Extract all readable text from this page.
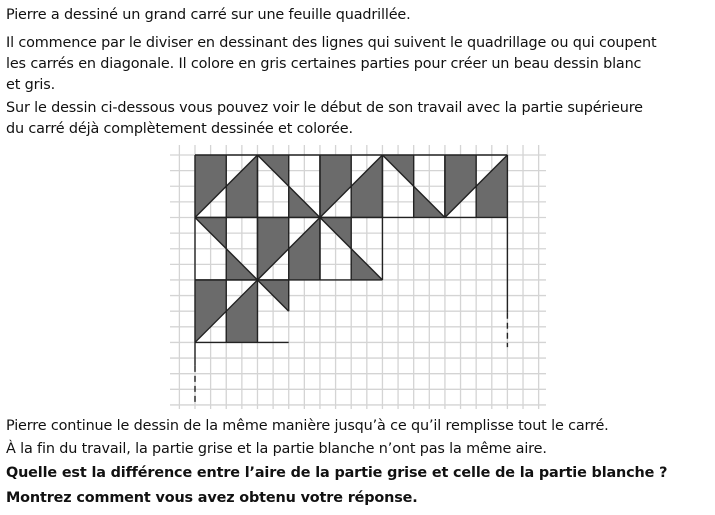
Pierre a dessiné un grand carré sur une feuille quadrillée.
Il commence par le diviser en dessinant des lignes qui suivent le quadrillage ou qui coupent
les carrés en diagonale. Il colore en gris certaines parties pour créer un beau dessin blanc
et gris.
Sur le dessin ci-dessous vous pouvez voir le début de son travail avec la partie supérieure
du carré déjà complètement dessinée et colorée.
Pierre continue le dessin de la même manière jusqu’à ce qu’il remplisse tout le carré.
À la fin du travail, la partie grise et la partie blanche n’ont pas la même aire.
Quelle est la différence entre l’aire de la partie grise et celle de la partie blanche ?
Montrez comment vous avez obtenu votre réponse.
